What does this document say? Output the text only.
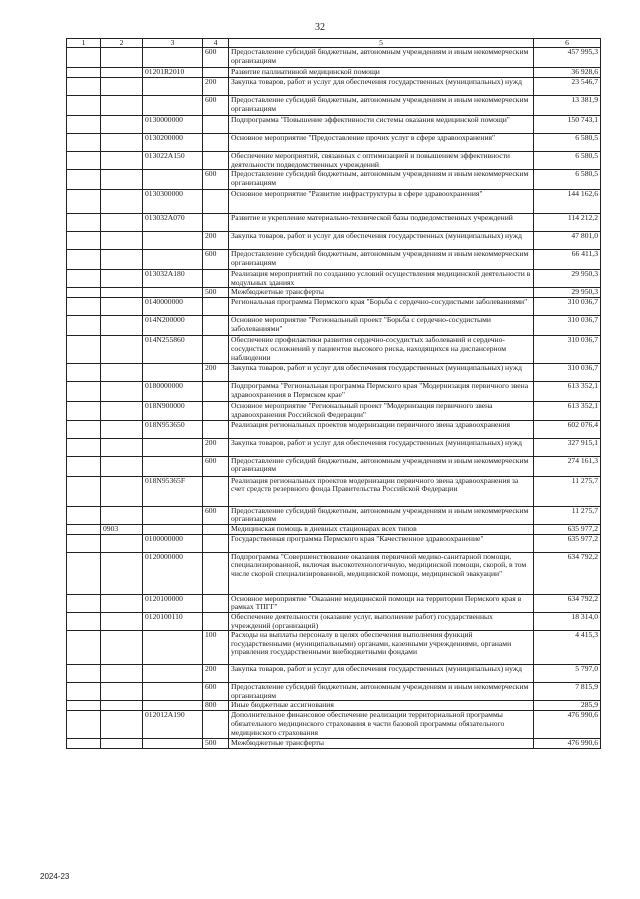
32
1	2	3	4	5	6
			600	Предоставление субсидий бюджетным, автономным учреждениям и иным некоммерческим организациям	457 995,3
		01201R2010		Развитие паллиативной медицинской помощи	36 928,6
			200	Закупка товаров, работ и услуг для обеспечения государственных (муниципальных) нужд	23 546,7
			600	Предоставление субсидий бюджетным, автономным учреждениям и иным некоммерческим организациям	13 381,9
		0130000000		Подпрограмма "Повышение эффективности системы оказания медицинской помощи"	150 743,1
		0130200000		Основное мероприятие "Предоставление прочих услуг в сфере здравоохранения"	6 580,5
		013022А150		Обеспечение мероприятий, связанных с оптимизацией и повышением эффективности деятельности подведомственных учреждений	6 580,5
			600	Предоставление субсидий бюджетным, автономным учреждениям и иным некоммерческим организациям	6 580,5
		0130300000		Основное мероприятие "Развитие инфраструктуры в сфере здравоохранения"	144 162,6
		013032А070		Развитие и укрепление материально-технической базы подведомственных учреждений	114 212,2
			200	Закупка товаров, работ и услуг для обеспечения государственных (муниципальных) нужд	47 801,0
			600	Предоставление субсидий бюджетным, автономным учреждениям и иным некоммерческим организациям	66 411,3
		013032А180		Реализация мероприятий по созданию условий осуществления медицинской деятельности в модульных зданиях	29 950,3
			500	Межбюджетные трансферты	29 950,3
		0140000000		Региональная программа Пермского края "Борьба с сердечно-сосудистыми заболеваниями"	310 036,7
		014N200000		Основное мероприятие "Региональный проект "Борьба с сердечно-сосудистыми заболеваниями"	310 036,7
		014N255860		Обеспечение профилактики развития сердечно-сосудистых заболеваний и сердечно-сосудистых осложнений у пациентов высокого риска, находящихся на диспансерном наблюдении	310 036,7
			200	Закупка товаров, работ и услуг для обеспечения государственных (муниципальных) нужд	310 036,7
		0180000000		Подпрограмма "Региональная программа Пермского края "Модернизация первичного звена здравоохранения в Пермском крае"	613 352,1
		018N900000		Основное мероприятие "Региональный проект "Модернизация первичного звена здравоохранения Российской Федерации"	613 352,1
		018N953650		Реализация региональных проектов модернизации первичного звена здравоохранения	602 076,4
			200	Закупка товаров, работ и услуг для обеспечения государственных (муниципальных) нужд	327 915,1
			600	Предоставление субсидий бюджетным, автономным учреждениям и иным некоммерческим организациям	274 161,3
		018N95365F		Реализация региональных проектов модернизации первичного звена здравоохранения за счет средств резервного фонда Правительства Российской Федерации	11 275,7
			600	Предоставление субсидий бюджетным, автономным учреждениям и иным некоммерческим организациям	11 275,7
	0903			Медицинская помощь в дневных стационарах всех типов	635 977,2
		0100000000		Государственная программа Пермского края "Качественное здравоохранение"	635 977,2
		0120000000		Подпрограмма "Совершенствование оказания первичной медико-санитарной помощи, специализированной, включая высокотехнологичную, медицинской помощи, скорой, в том числе скорой специализированной, медицинской помощи, медицинской эвакуации"	634 792,2
		0120100000		Основное мероприятие "Оказание медицинской помощи на территории Пермского края в рамках ТПГГ"	634 792,2
		0120100110		Обеспечение деятельности (оказание услуг, выполнение работ) государственных учреждений (организаций)	18 314,0
			100	Расходы на выплаты персоналу в целях обеспечения выполнения функций государственными (муниципальными) органами, казенными учреждениями, органами управления государственными внебюджетными фондами	4 415,3
			200	Закупка товаров, работ и услуг для обеспечения государственных (муниципальных) нужд	5 797,0
			600	Предоставление субсидий бюджетным, автономным учреждениям и иным некоммерческим организациям	7 815,9
			800	Иные бюджетные ассигнования	285,9
		012012А190		Дополнительное финансовое обеспечение реализации территориальной программы обязательного медицинского страхования в части базовой программы обязательного медицинского страхования	476 990,6
			500	Межбюджетные трансферты	476 990,6
2024-23
